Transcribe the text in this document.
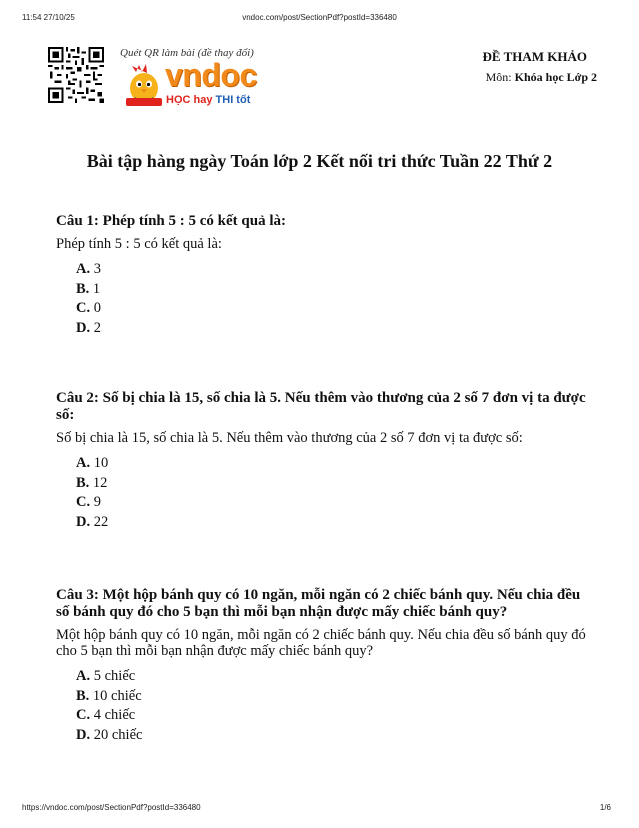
11:54 27/10/25	vndoc.com/post/SectionPdf?postId=336480
Quét QR làm bài (đề thay đổi)
vndoc
HỌC hay THI tốt
ĐỀ THAM KHẢO
Môn: Khóa học Lớp 2
Bài tập hàng ngày Toán lớp 2 Kết nối tri thức Tuần 22 Thứ 2
Câu 1: Phép tính 5 : 5 có kết quả là:
Phép tính 5 : 5 có kết quả là:
A. 3
B. 1
C. 0
D. 2
Câu 2: Số bị chia là 15, số chia là 5. Nếu thêm vào thương của 2 số 7 đơn vị ta được số:
Số bị chia là 15, số chia là 5. Nếu thêm vào thương của 2 số 7 đơn vị ta được số:
A. 10
B. 12
C. 9
D. 22
Câu 3: Một hộp bánh quy có 10 ngăn, mỗi ngăn có 2 chiếc bánh quy. Nếu chia đều số bánh quy đó cho 5 bạn thì mỗi bạn nhận được mấy chiếc bánh quy?
Một hộp bánh quy có 10 ngăn, mỗi ngăn có 2 chiếc bánh quy. Nếu chia đều số bánh quy đó cho 5 bạn thì mỗi bạn nhận được mấy chiếc bánh quy?
A. 5 chiếc
B. 10 chiếc
C. 4 chiếc
D. 20 chiếc
https://vndoc.com/post/SectionPdf?postId=336480	1/6
